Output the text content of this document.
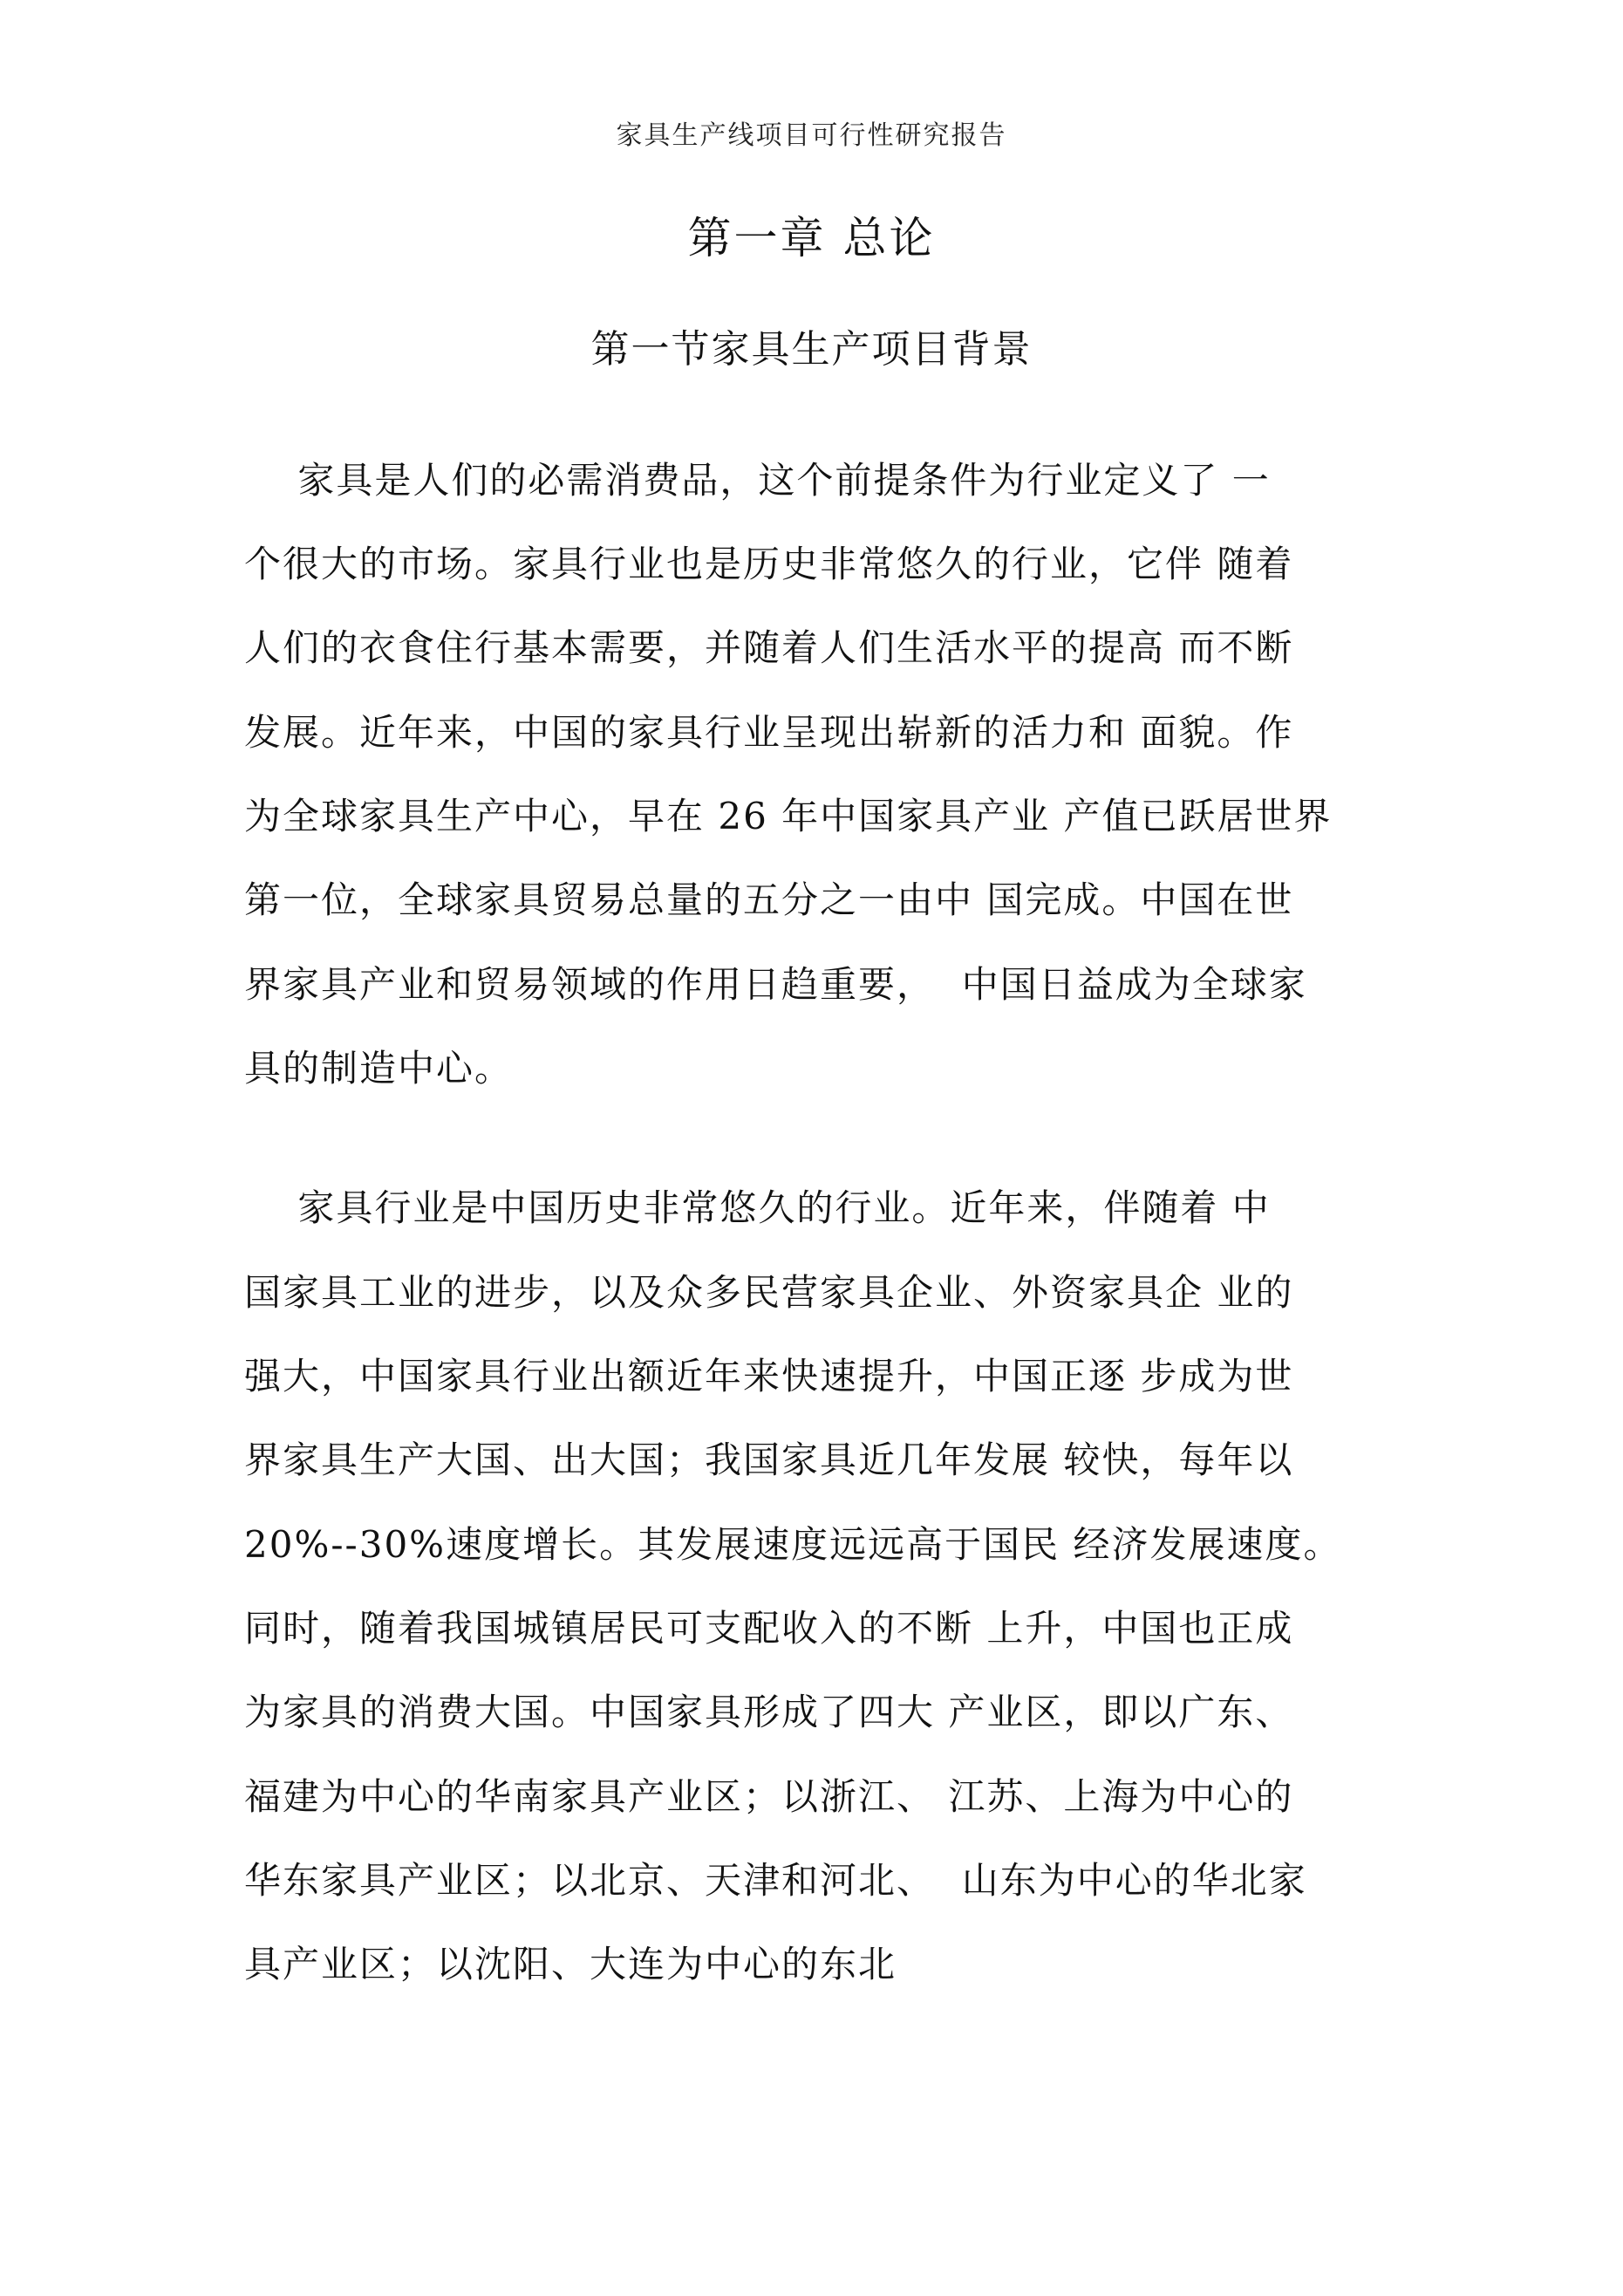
家具生产线项目可行性研究报告
第一章 总论
第一节家具生产项目背景
家具是人们的必需消费品，这个前提条件为行业定义了 一
个很大的市场。家具行业也是历史非常悠久的行业，它伴 随着
人们的衣食住行基本需要，并随着人们生活水平的提高 而不断
发展。近年来，中国的家具行业呈现出崭新的活力和 面貌。作
为全球家具生产中心，早在 26 年中国家具产业 产值已跃居世界
第一位，全球家具贸易总量的五分之一由中 国完成。中国在世
界家具产业和贸易领域的作用日趋重要，  中国日益成为全球家
具的制造中心。
家具行业是中国历史非常悠久的行业。近年来，伴随着 中
国家具工业的进步，以及众多民营家具企业、外资家具企 业的
强大，中国家具行业出额近年来快速提升，中国正逐 步成为世
界家具生产大国、出大国；我国家具近几年发展 较快，每年以
20%--30%速度增长。其发展速度远远高于国民 经济发展速度。
同时，随着我国城镇居民可支配收入的不断 上升，中国也正成
为家具的消费大国。中国家具形成了四大 产业区，即以广东、
福建为中心的华南家具产业区；以浙江、 江苏、上海为中心的
华东家具产业区；以北京、天津和河北、  山东为中心的华北家
具产业区；以沈阳、大连为中心的东北
